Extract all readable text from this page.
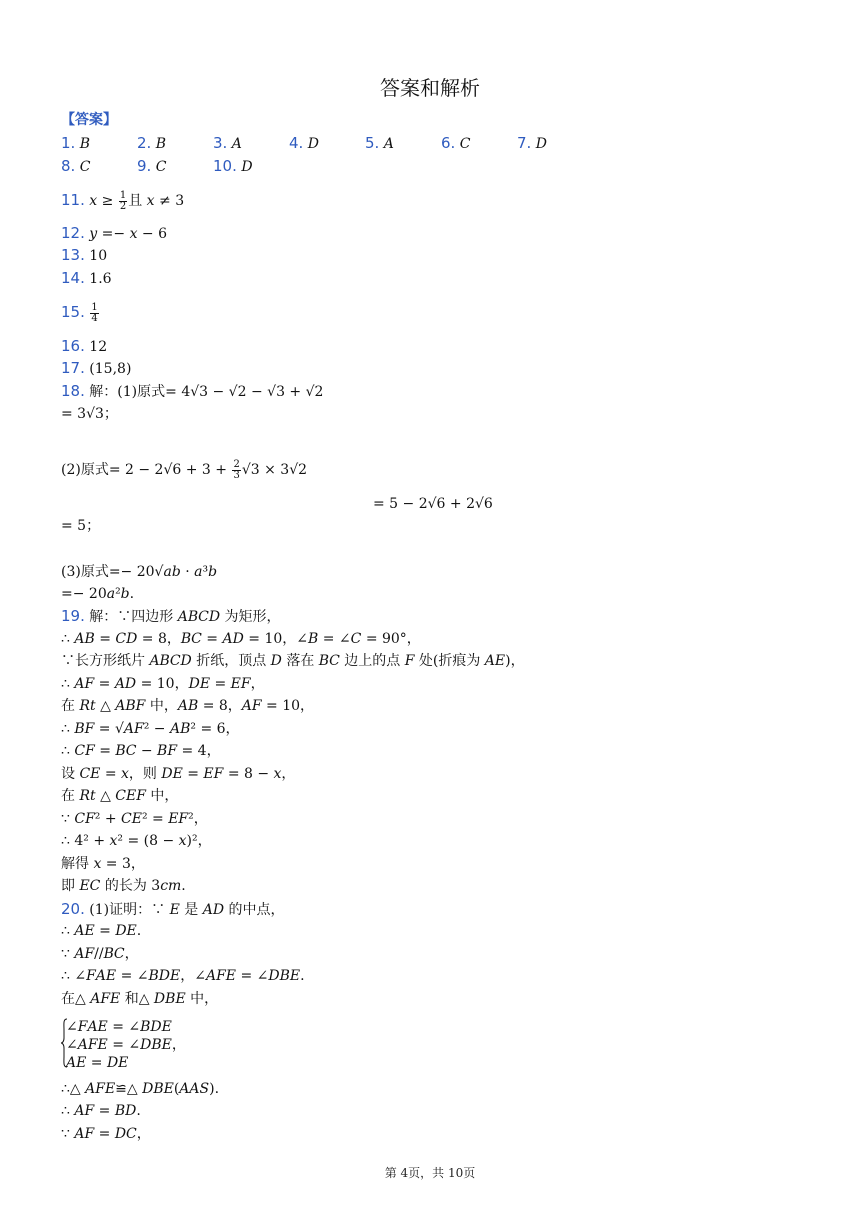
答案和解析
【答案】
1. B	2. B	3. A	4. D	5. A	6. C	7. D
8. C	9. C	10. D
11. 𝑥 ≥ $\frac{1}{2}$ 且 𝑥 ≠ 3
12. 𝑦 =− 𝑥 − 6
13. 10
14. 1.6
15. $\frac{1}{4}$
16. 12
17. (15,8)
18. 解：(1)原式= 4√3 − √2 − √3 + √2
= 3√3；
(2)原式= $2 - 2√6 + 3 + \frac{2}{3} √3 \times 3√2$
= 5 − 2√6 + 2√6
= 5；
(3)原式=− 20√𝑎𝑏 · 𝑎³𝑏
=− 20𝑎²𝑏.
19. 解：∵四边形 𝐴𝐵𝐶𝐷 为矩形，
∴ 𝐴𝐵 = 𝐶𝐷 = 8，𝐵𝐶 = 𝐴𝐷 = 10，∠𝐵 = ∠𝐶 = 90°，
∵长方形纸片 𝐴𝐵𝐶𝐷 折纸，顶点 𝐷 落在 𝐵𝐶 边上的点 𝐹 处(折痕为 𝐴𝐸)，
∴ 𝐴𝐹 = 𝐴𝐷 = 10，𝐷𝐸 = 𝐸𝐹，
在 𝑅𝑡 △ 𝐴𝐵𝐹 中，𝐴𝐵 = 8，𝐴𝐹 = 10，
∴ 𝐵𝐹 = √𝐴𝐹² − 𝐴𝐵² = 6，
∴ 𝐶𝐹 = 𝐵𝐶 − 𝐵𝐹 = 4，
设 𝐶𝐸 = 𝑥，则 𝐷𝐸 = 𝐸𝐹 = 8 − 𝑥，
在 𝑅𝑡 △ 𝐶𝐸𝐹 中，
∵ 𝐶𝐹² + 𝐶𝐸² = 𝐸𝐹²，
∴ 4² + 𝑥² = (8 − 𝑥)²，
解得 𝑥 = 3，
即 𝐸𝐶 的长为 3𝑐𝑚.
20. (1)证明：∵ 𝐸 是 𝐴𝐷 的中点，
∴ 𝐴𝐸 = 𝐷𝐸.
∵ 𝐴𝐹//𝐵𝐶，
∴ ∠𝐹𝐴𝐸 = ∠𝐵𝐷𝐸，∠𝐴𝐹𝐸 = ∠𝐷𝐵𝐸.
在△ 𝐴𝐹𝐸 和△ 𝐷𝐵𝐸 中，
∠𝐹𝐴𝐸 = ∠𝐵𝐷𝐸
∠𝐴𝐹𝐸 = ∠𝐷𝐵𝐸，
𝐴𝐸 = 𝐷𝐸
∴△ 𝐴𝐹𝐸≌△ 𝐷𝐵𝐸(𝐴𝐴𝑆).
∴ 𝐴𝐹 = 𝐵𝐷.
∵ 𝐴𝐹 = 𝐷𝐶，
第 4页，共 10页
